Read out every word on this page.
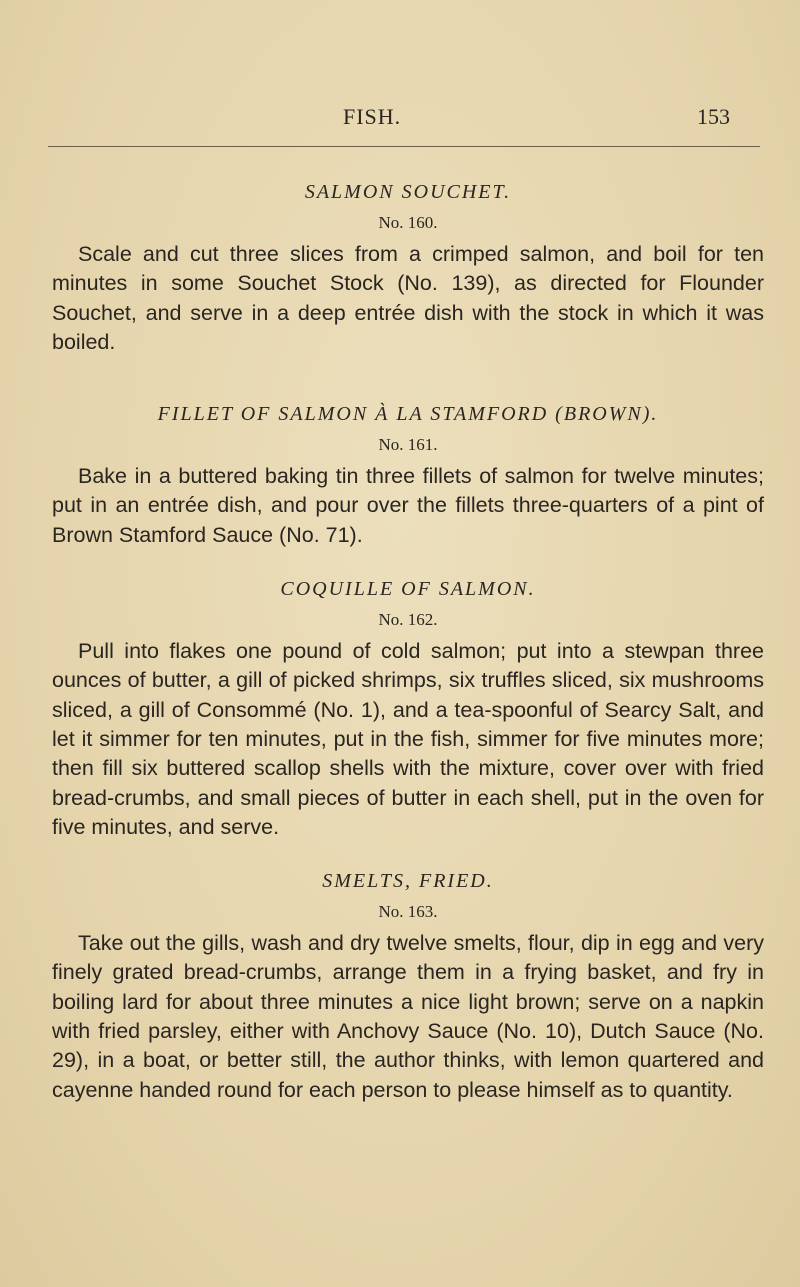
FISH.	153

SALMON SOUCHET.

No. 160.

Scale and cut three slices from a crimped salmon, and boil for ten minutes in some Souchet Stock (No. 139), as directed for Flounder Souchet, and serve in a deep entrée dish with the stock in which it was boiled.

FILLET OF SALMON À LA STAMFORD (BROWN).

No. 161.

Bake in a buttered baking tin three fillets of salmon for twelve minutes; put in an entrée dish, and pour over the fillets three-quarters of a pint of Brown Stamford Sauce (No. 71).

COQUILLE OF SALMON.

No. 162.

Pull into flakes one pound of cold salmon; put into a stewpan three ounces of butter, a gill of picked shrimps, six truffles sliced, six mushrooms sliced, a gill of Consommé (No. 1), and a tea-spoonful of Searcy Salt, and let it simmer for ten minutes, put in the fish, simmer for five minutes more; then fill six buttered scallop shells with the mixture, cover over with fried bread-crumbs, and small pieces of butter in each shell, put in the oven for five minutes, and serve.

SMELTS, FRIED.

No. 163.

Take out the gills, wash and dry twelve smelts, flour, dip in egg and very finely grated bread-crumbs, arrange them in a frying basket, and fry in boiling lard for about three minutes a nice light brown; serve on a napkin with fried parsley, either with Anchovy Sauce (No. 10), Dutch Sauce (No. 29), in a boat, or better still, the author thinks, with lemon quartered and cayenne handed round for each person to please himself as to quantity.
